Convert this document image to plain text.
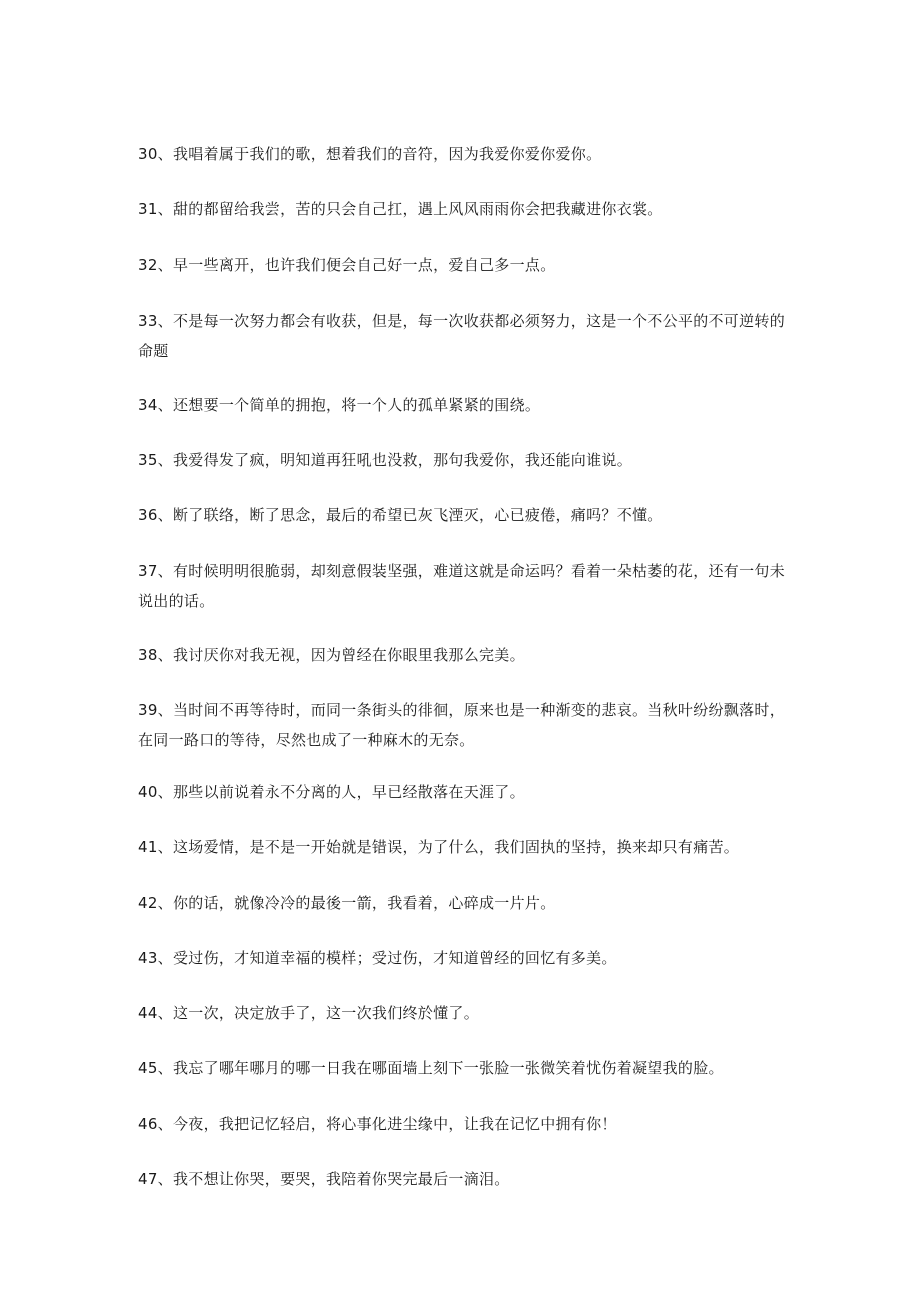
30、我唱着属于我们的歌，想着我们的音符，因为我爱你爱你爱你。

31、甜的都留给我尝，苦的只会自己扛，遇上风风雨雨你会把我藏进你衣裳。

32、早一些离开，也许我们便会自己好一点，爱自己多一点。

33、不是每一次努力都会有收获，但是，每一次收获都必须努力，这是一个不公平的不可逆转的命题

34、还想要一个简单的拥抱，将一个人的孤单紧紧的围绕。

35、我爱得发了疯，明知道再狂吼也没救，那句我爱你，我还能向谁说。

36、断了联络，断了思念，最后的希望已灰飞湮灭，心已疲倦，痛吗？不懂。

37、有时候明明很脆弱，却刻意假装坚强，难道这就是命运吗？看着一朵枯萎的花，还有一句未说出的话。

38、我讨厌你对我无视，因为曾经在你眼里我那么完美。

39、当时间不再等待时，而同一条街头的徘徊，原来也是一种渐变的悲哀。当秋叶纷纷飘落时，在同一路口的等待，尽然也成了一种麻木的无奈。

40、那些以前说着永不分离的人，早已经散落在天涯了。

41、这场爱情，是不是一开始就是错误，为了什么，我们固执的坚持，换来却只有痛苦。

42、你的话，就像冷冷的最後一箭，我看着，心碎成一片片。

43、受过伤，才知道幸福的模样；受过伤，才知道曾经的回忆有多美。

44、这一次，决定放手了，这一次我们终於懂了。

45、我忘了哪年哪月的哪一日我在哪面墙上刻下一张脸一张微笑着忧伤着凝望我的脸。

46、今夜，我把记忆轻启，将心事化进尘缘中，让我在记忆中拥有你！

47、我不想让你哭，要哭，我陪着你哭完最后一滴泪。
